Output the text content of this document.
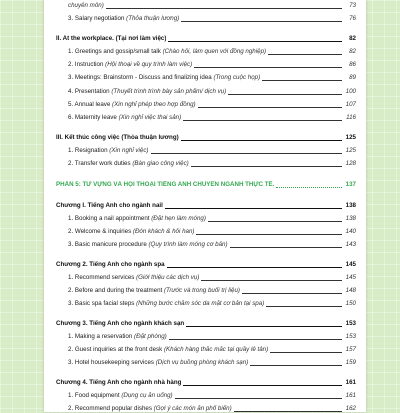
chuyên môn)	73
3. Salary negotiation (Thỏa thuận lương)	76
II. At the workplace. (Tại nơi làm việc)	82
1. Greetings and gossip/small talk (Chào hỏi, làm quen với đồng nghiệp)	82
2. Instruction (Hội thoại về quy trình làm việc)	86
3. Meetings: Brainstorm - Discuss and finalizing idea (Trong cuộc họp)	89
4. Presentation (Thuyết trình trình bày sản phẩm/ dịch vụ)	100
5. Annual leave (Xin nghỉ phép theo hợp đồng)	107
6. Maternity leave (Xin nghỉ việc thai sản)	116
III. Kết thúc công việc (Thỏa thuận lương)	125
1. Resignation (Xin nghỉ việc)	125
2. Transfer work duties (Bàn giao công việc)	128
PHẦN 5: TỪ VỰNG VÀ HỘI THOẠI TIẾNG ANH CHUYÊN NGÀNH THỰC TẾ.	137
Chương I. Tiếng Anh cho ngành nail	138
1. Booking a nail appointment (Đặt hẹn làm móng)	138
2. Welcome & inquiries (Đón khách & hỏi han)	140
3. Basic manicure procedure (Quy trình làm móng cơ bản)	143
Chương 2. Tiếng Anh cho ngành spa	145
1. Recommend services (Giới thiệu các dịch vụ)	145
2. Before and during the treatment (Trước và trong buổi trị liệu)	148
3. Basic spa facial steps (Những bước chăm sóc da mặt cơ bản tại spa)	150
Chương 3. Tiếng Anh cho ngành khách sạn	153
1. Making a reservation (Đặt phòng)	153
2. Guest inquiries at the front desk (Khách hàng thắc mắc tại quầy lễ tân)	157
3. Hotel housekeeping services (Dịch vụ buồng phòng khách sạn)	159
Chương 4. Tiếng Anh cho ngành nhà hàng	161
1. Food equipment (Dụng cụ ăn uống)	161
2. Recommend popular dishes (Gợi ý các món ăn phổ biến)	162
